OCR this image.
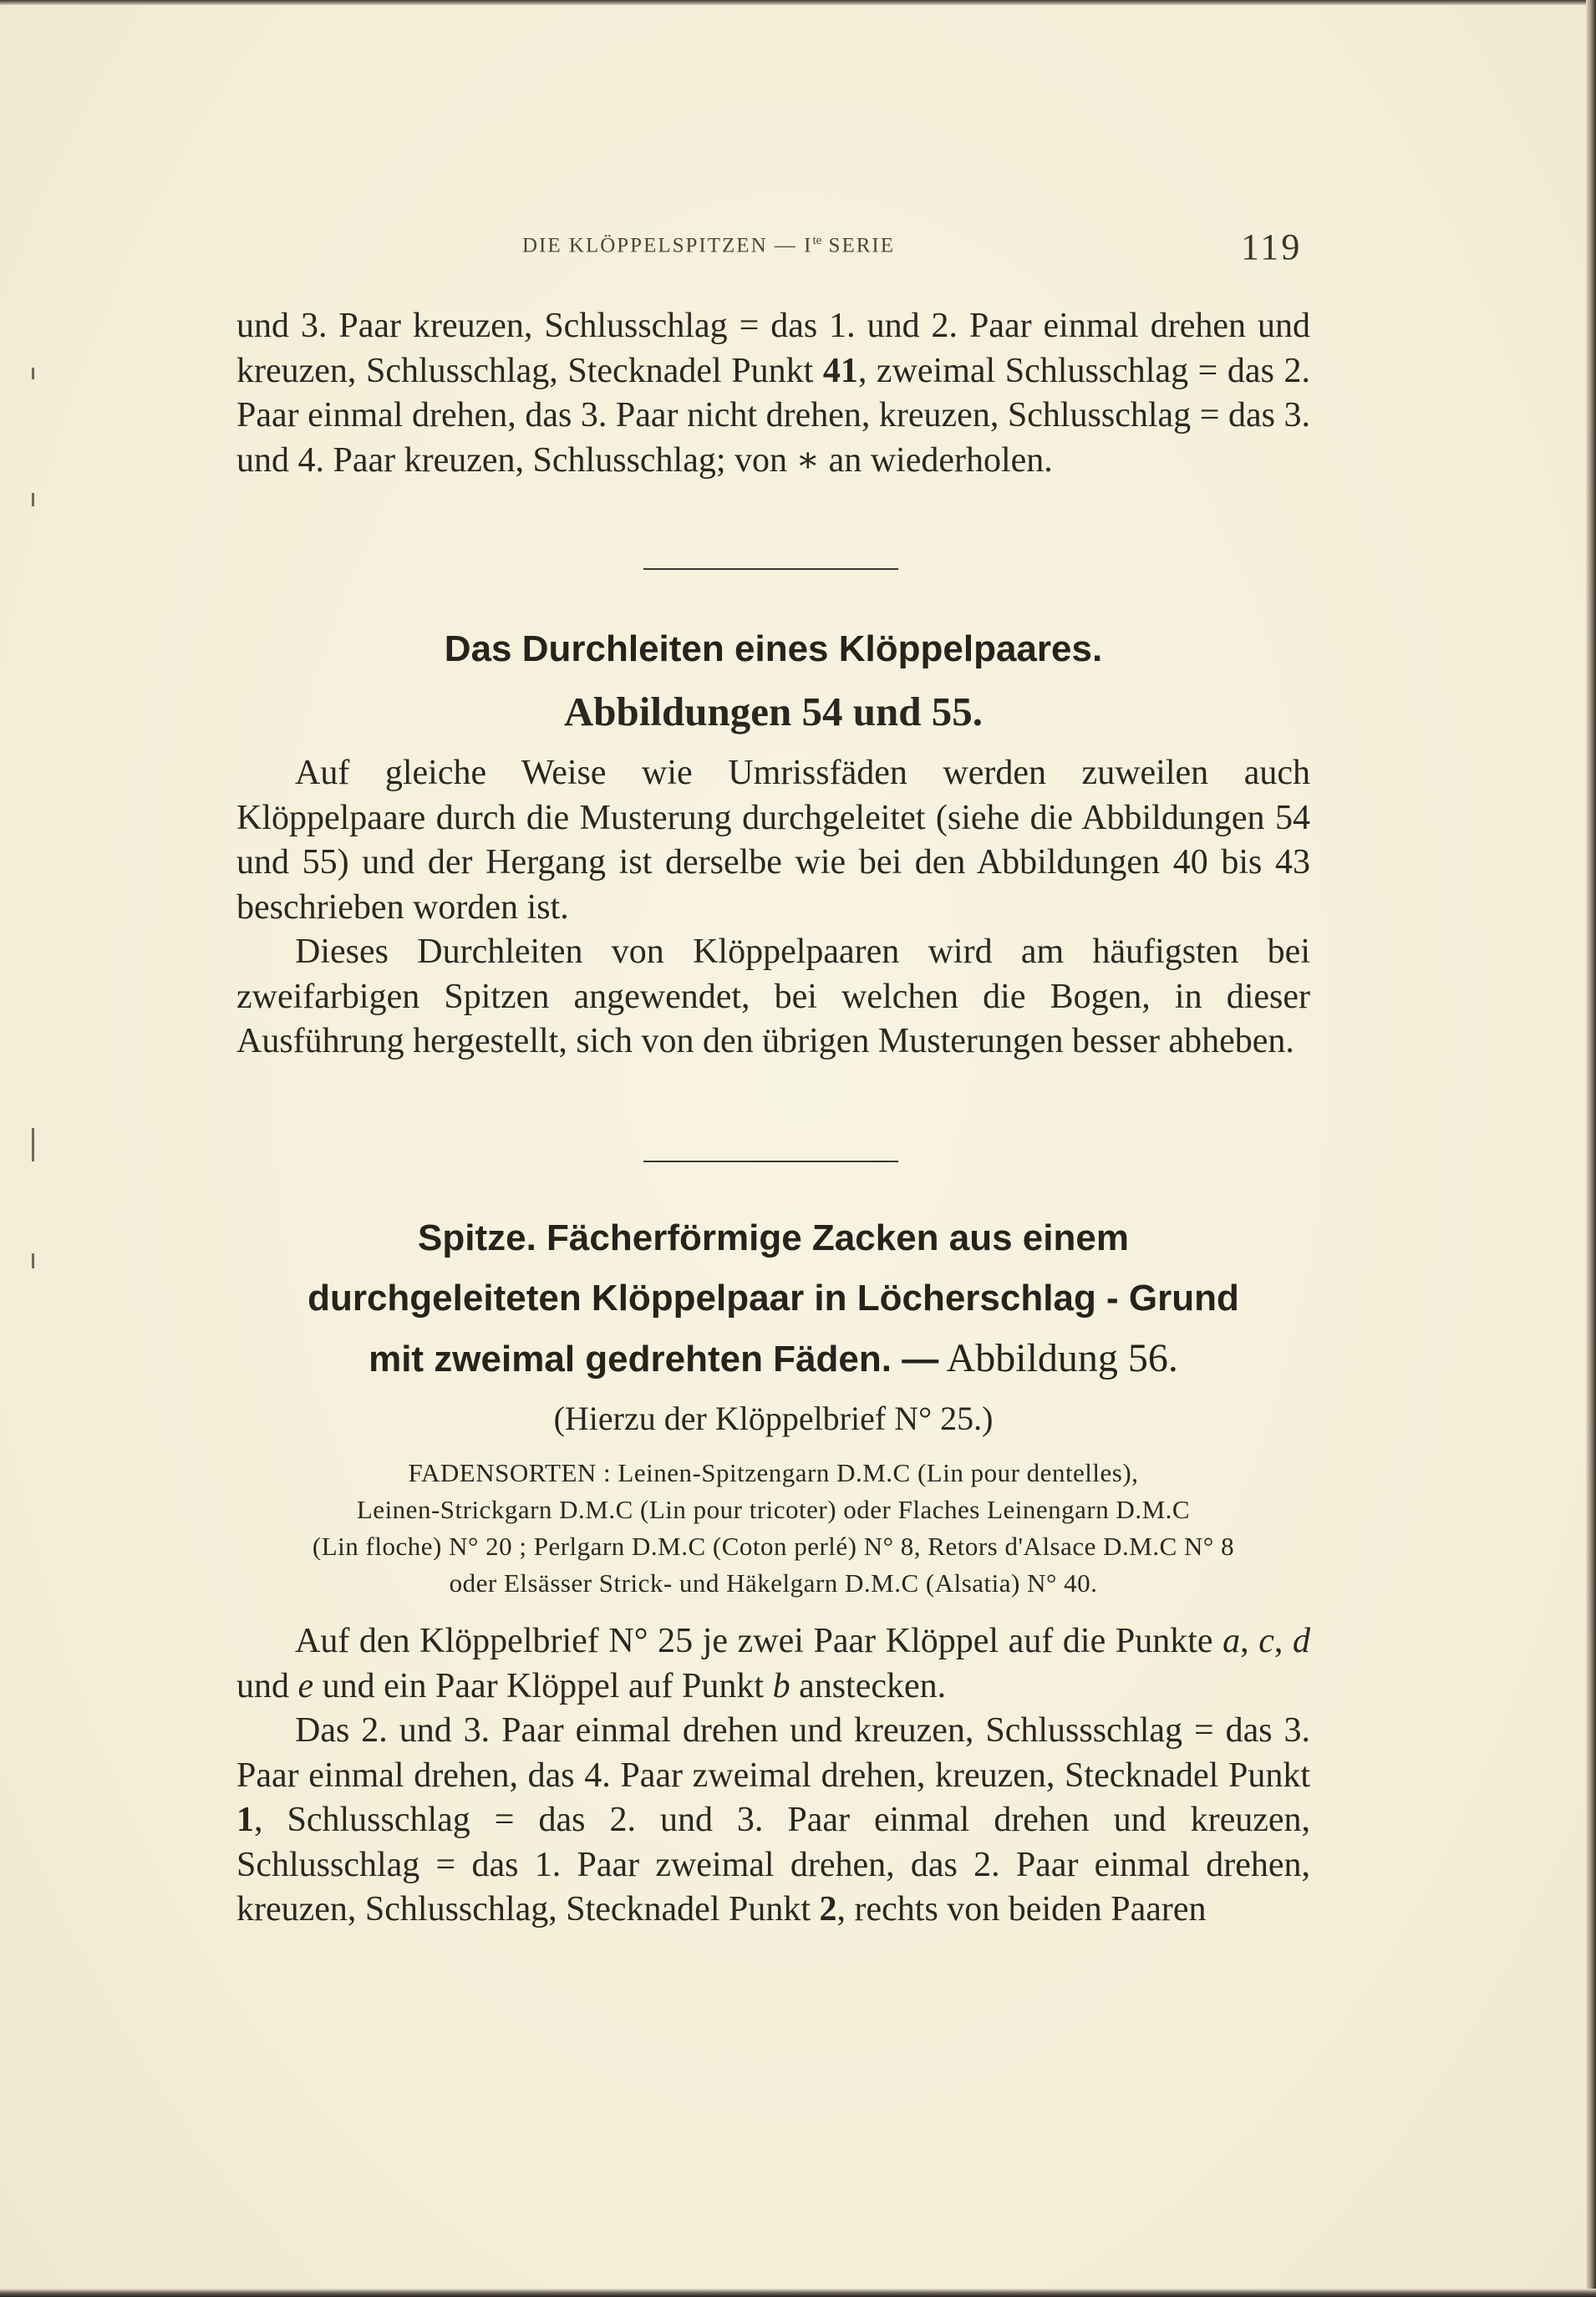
DIE KLÖPPELSPITZEN — $I^{te}$ SERIE	119

und 3. Paar kreuzen, Schlusschlag = das 1. und 2. Paar einmal drehen und kreuzen, Schlusschlag, Stecknadel Punkt 41, zweimal Schlusschlag = das 2. Paar einmal drehen, das 3. Paar nicht drehen, kreuzen, Schlusschlag = das 3. und 4. Paar kreuzen, Schlusschlag; von ∗ an wiederholen.

Das Durchleiten eines Klöppelpaares.
Abbildungen 54 und 55.

Auf gleiche Weise wie Umrissfäden werden zuweilen auch Klöppelpaare durch die Musterung durchgeleitet (siehe die Abbildungen 54 und 55) und der Hergang ist derselbe wie bei den Abbildungen 40 bis 43 beschrieben worden ist.

Dieses Durchleiten von Klöppelpaaren wird am häufigsten bei zweifarbigen Spitzen angewendet, bei welchen die Bogen, in dieser Ausführung hergestellt, sich von den übrigen Musterungen besser abheben.

Spitze. Fächerförmige Zacken aus einem
durchgeleiteten Klöppelpaar in Löcherschlag - Grund
mit zweimal gedrehten Fäden. — Abbildung 56.

(Hierzu der Klöppelbrief N° 25.)

FADENSORTEN : Leinen-Spitzengarn D.M.C (Lin pour dentelles),
Leinen-Strickgarn D.M.C (Lin pour tricoter) oder Flaches Leinengarn D.M.C
(Lin floche) N° 20 ; Perlgarn D.M.C (Coton perlé) N° 8, Retors d'Alsace D.M.C N° 8
oder Elsässer Strick- und Häkelgarn D.M.C (Alsatia) N° 40.

Auf den Klöppelbrief N° 25 je zwei Paar Klöppel auf die Punkte a, c, d und e und ein Paar Klöppel auf Punkt b anstecken.

Das 2. und 3. Paar einmal drehen und kreuzen, Schlussschlag = das 3. Paar einmal drehen, das 4. Paar zweimal drehen, kreuzen, Stecknadel Punkt 1, Schlusschlag = das 2. und 3. Paar einmal drehen und kreuzen, Schlusschlag = das 1. Paar zweimal drehen, das 2. Paar einmal drehen, kreuzen, Schlusschlag, Stecknadel Punkt 2, rechts von beiden Paaren
